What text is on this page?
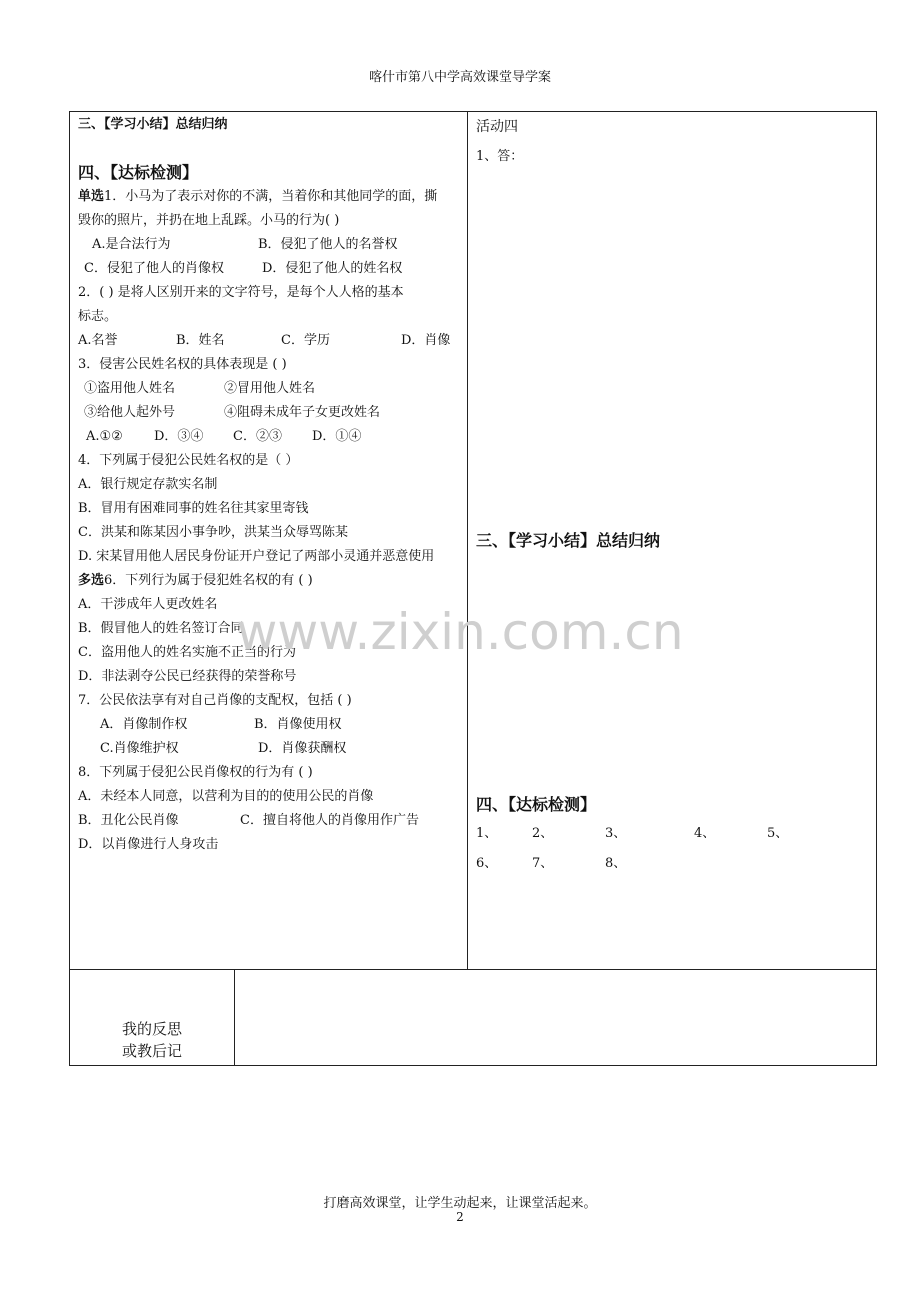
喀什市第八中学高效课堂导学案
三、【学习小结】总结归纳
四、【达标检测】
单选1．小马为了表示对你的不满，当着你和其他同学的面，撕
毁你的照片，并扔在地上乱踩。小马的行为( )
A.是合法行为	B．侵犯了他人的名誉权
C．侵犯了他人的肖像权	D．侵犯了他人的姓名权
2．( ) 是将人区别开来的文字符号，是每个人人格的基本
标志。
A.名誉	B．姓名	C．学历	D．肖像
3．侵害公民姓名权的具体表现是 ( )
①盗用他人姓名	②冒用他人姓名
③给他人起外号	④阻碍未成年子女更改姓名
A.①② D．③④ C．②③ D．①④
4．下列属于侵犯公民姓名权的是（ ）
A．银行规定存款实名制
B．冒用有困难同事的姓名往其家里寄钱
C．洪某和陈某因小事争吵，洪某当众辱骂陈某
D. 宋某冒用他人居民身份证开户登记了两部小灵通并恶意使用
多选6．下列行为属于侵犯姓名权的有 ( )
A．干涉成年人更改姓名
B．假冒他人的姓名签订合同
C．盗用他人的姓名实施不正当的行为
D．非法剥夺公民已经获得的荣誉称号
7．公民依法享有对自己肖像的支配权，包括 ( )
A．肖像制作权	B．肖像使用权
C.肖像维护权	D．肖像获酬权
8．下列属于侵犯公民肖像权的行为有 ( )
A．未经本人同意，以营利为目的的使用公民的肖像
B．丑化公民肖像	C．擅自将他人的肖像用作广告
D．以肖像进行人身攻击
活动四
1、答：
三、【学习小结】总结归纳
四、【达标检测】
1、	2、	3、	4、	5、
6、	7、	8、
我的反思
或教后记
www.zixin.com.cn
打磨高效课堂，让学生动起来，让课堂活起来。
2
